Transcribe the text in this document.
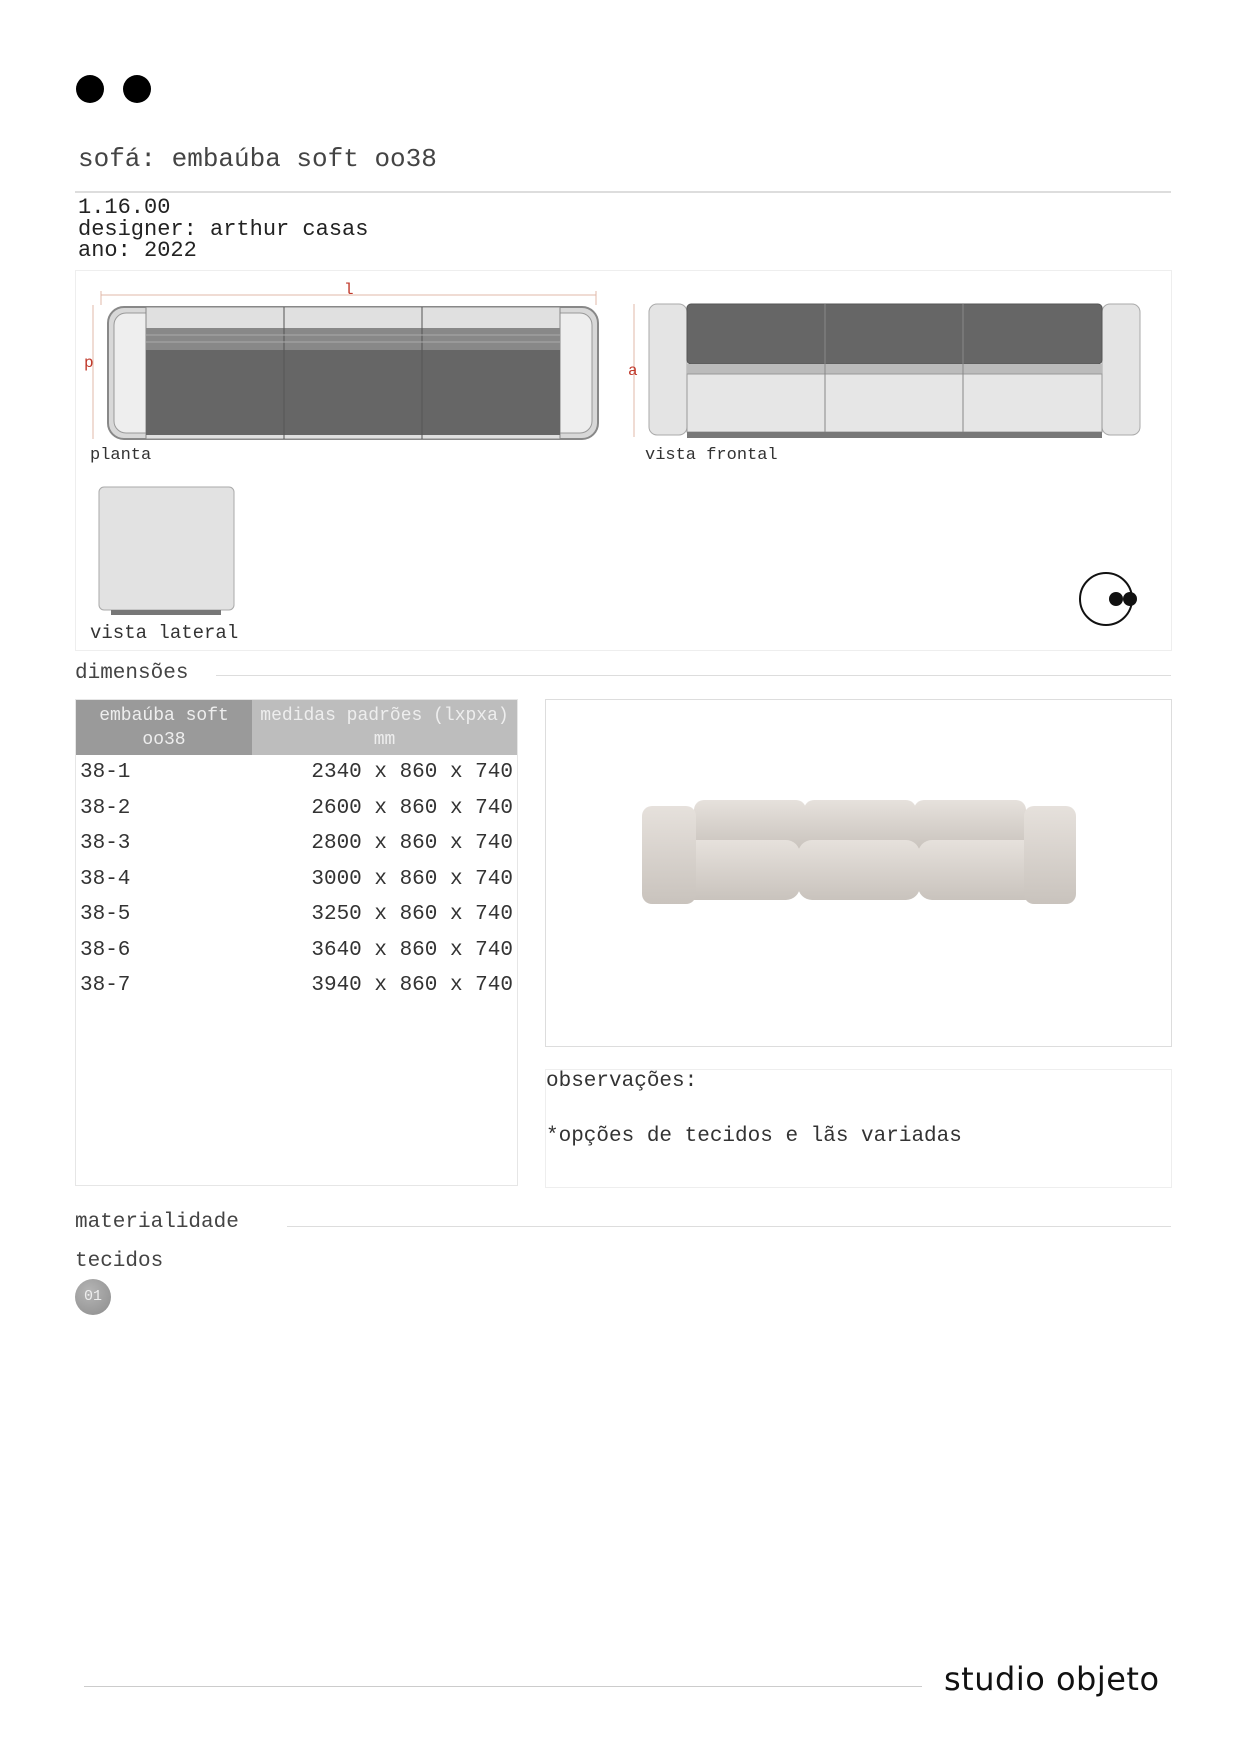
sofá: embaúba soft oo38
1.16.00
designer: arthur casas
ano: 2022
l
p	a
planta	vista frontal
vista lateral
dimensões
embaúba soft oo38	medidas padrões (lxpxa) mm
38-1	2340 x 860 x 740
38-2	2600 x 860 x 740
38-3	2800 x 860 x 740
38-4	3000 x 860 x 740
38-5	3250 x 860 x 740
38-6	3640 x 860 x 740
38-7	3940 x 860 x 740
observações:
*opções de tecidos e lãs variadas
materialidade
tecidos
01
studio objeto
